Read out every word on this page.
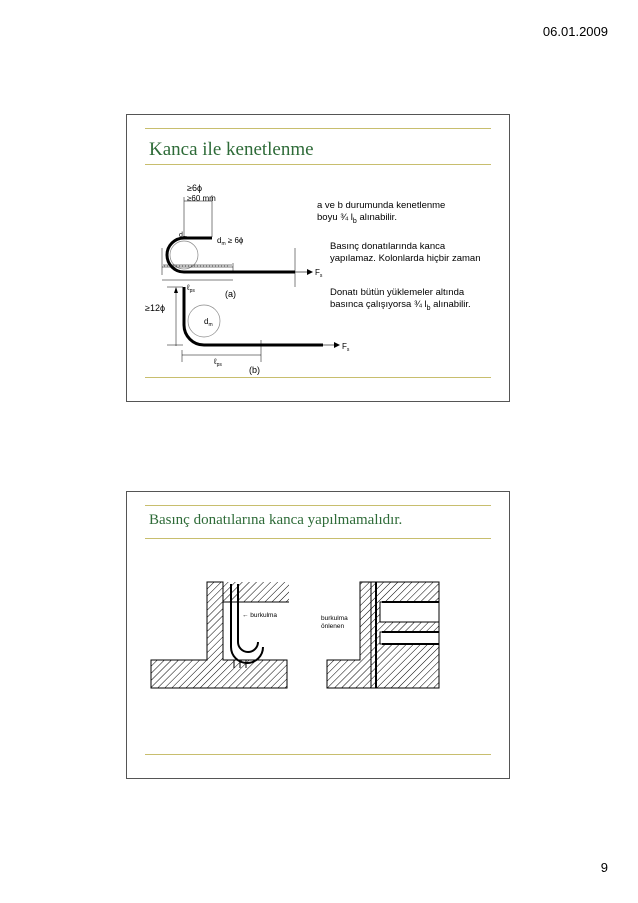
06.01.2009
Kanca ile kenetlenme
≥6ϕ
≥60 mm
$d_m$	$d_m \ge 6\phi$
$F_s$
ℓ$_{ps}$	(a)
≥12ϕ
$d_m$
$F_s$
ℓ$_{ps}$	(b)
a ve b durumunda kenetlenme
boyu ¾ $l_b$ alınabilir.
Basınç donatılarında kanca yapılamaz. Kolonlarda hiçbir zaman
Donatı bütün yüklemeler altında basınca çalışıyorsa ¾ $l_b$ alınabilir.
Basınç donatılarına kanca yapılmamalıdır.
← burkulma	burkulma
önlenen
9
